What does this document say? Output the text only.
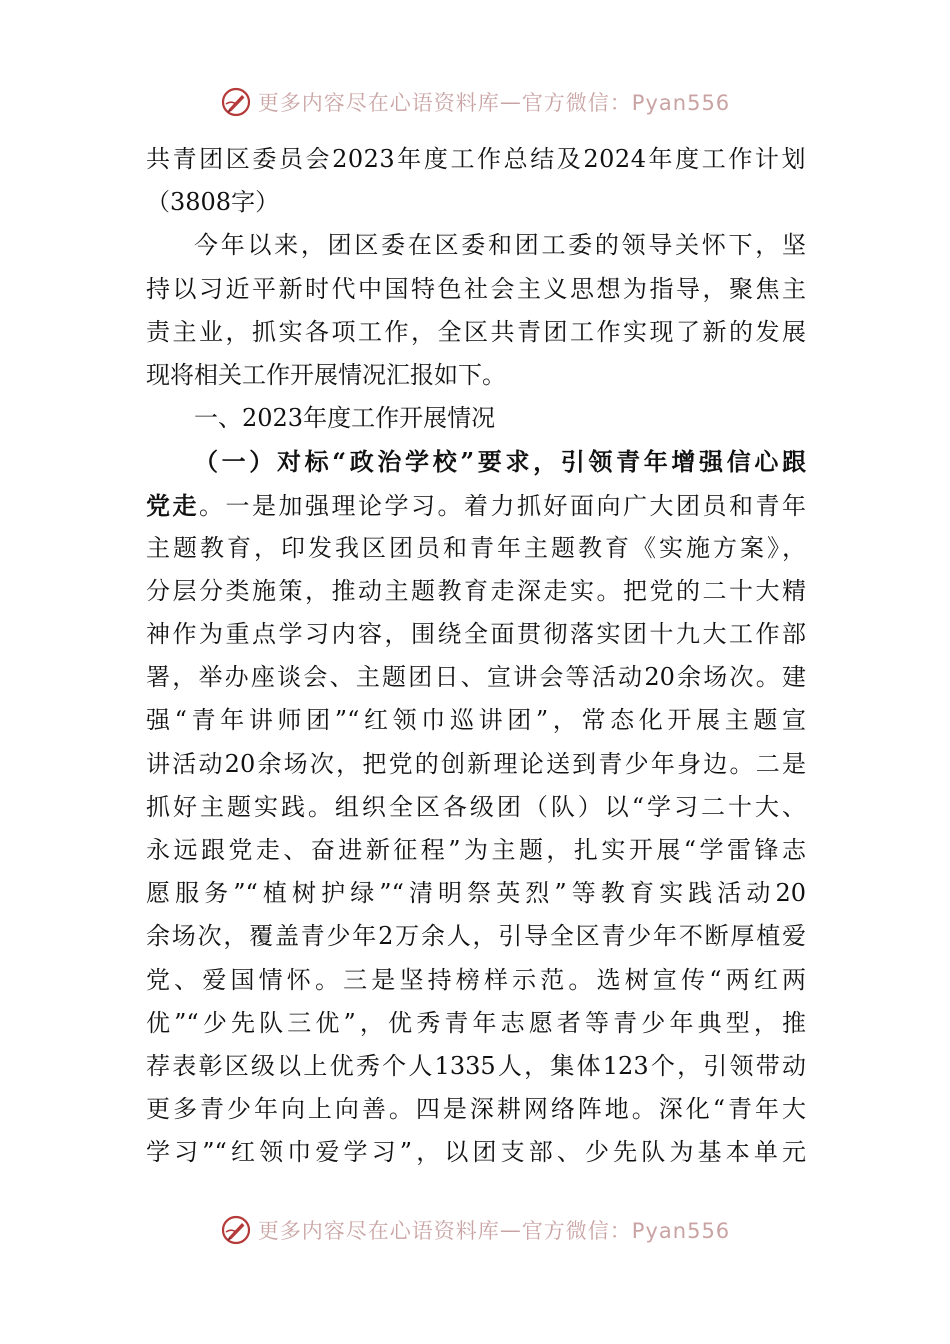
更多内容尽在心语资料库 — 官方微信：Pyan556
共青团区委员会2023年度工作总结及2024年度工作计划
（3808字）
今年以来，团区委在区委和团工委的领导关怀下，坚
持以习近平新时代中国特色社会主义思想为指导，聚焦主
责主业，抓实各项工作，全区共青团工作实现了新的发展
现将相关工作开展情况汇报如下。
一、2023年度工作开展情况
（一）对标“政治学校”要求，引领青年增强信心跟
党走。一是加强理论学习。着力抓好面向广大团员和青年
主题教育，印发我区团员和青年主题教育《实施方案》，
分层分类施策，推动主题教育走深走实。把党的二十大精
神作为重点学习内容，围绕全面贯彻落实团十九大工作部
署，举办座谈会、主题团日、宣讲会等活动20余场次。建
强“青年讲师团”“红领巾巡讲团”，常态化开展主题宣
讲活动20余场次，把党的创新理论送到青少年身边。二是
抓好主题实践。组织全区各级团（队）以“学习二十大、
永远跟党走、奋进新征程”为主题，扎实开展“学雷锋志
愿服务”“植树护绿”“清明祭英烈”等教育实践活动20
余场次，覆盖青少年2万余人，引导全区青少年不断厚植爱
党、爱国情怀。三是坚持榜样示范。选树宣传“两红两
优”“少先队三优”，优秀青年志愿者等青少年典型，推
荐表彰区级以上优秀个人1335人，集体123个，引领带动
更多青少年向上向善。四是深耕网络阵地。深化“青年大
学习”“红领巾爱学习”，以团支部、少先队为基本单元
更多内容尽在心语资料库 — 官方微信：Pyan556
